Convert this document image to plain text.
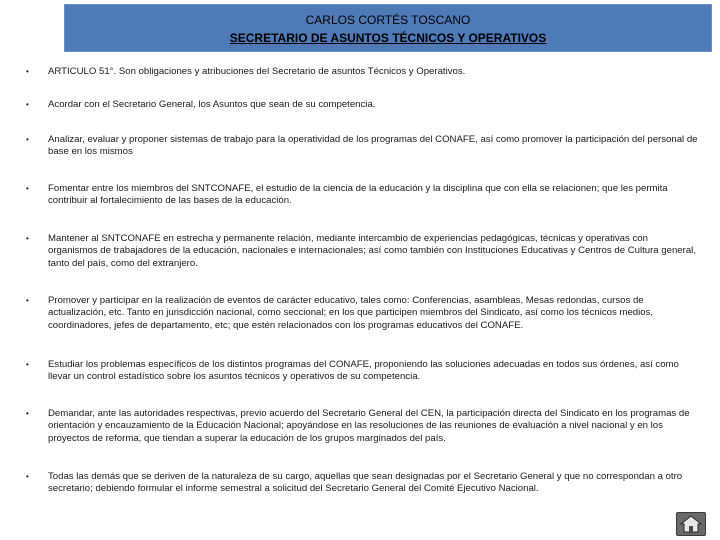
CARLOS CORTÉS TOSCANO
SECRETARIO DE ASUNTOS TÉCNICOS Y OPERATIVOS
•	ARTICULO 51°. Son obligaciones y atribuciones del Secretario de asuntos Técnicos y Operativos.
•	Acordar con el Secretario General, los Asuntos que sean de su competencia.
•	Analizar, evaluar y proponer sistemas de trabajo para la operatividad de los programas del CONAFE, así como promover la participación del personal de base en los mismos
•	Fomentar entre los miembros del SNTCONAFE, el estudio de la ciencia de la educación y la disciplina que con ella se relacionen; que les permita contribuir al fortalecimiento de las bases de la educación.
•	Mantener al SNTCONAFE en estrecha y permanente relación, mediante intercambio de experiencias pedagógicas, técnicas y operativas con organismos de trabajadores de la educación, nacionales e internacionales; así como también con Instituciones Educativas y Centros de Cultura general, tanto del país, como del extranjero.
•	Promover y participar en la realización de eventos de carácter educativo, tales como: Conferencias, asambleas, Mesas redondas, cursos de actualización, etc. Tanto en jurisdicción nacional, como seccional; en los que participen miembros del Sindicato, así como los técnicos medios, coordinadores, jefes de departamento, etc; que estén relacionados con los programas educativos del CONAFE.
•	Estudiar los problemas específicos de los distintos programas del CONAFE, proponiendo las soluciones adecuadas en todos sus órdenes, así como llevar un control estadístico sobre los asuntos técnicos y operativos de su competencia.
•	Demandar, ante las autoridades respectivas, previo acuerdo del Secretario General del CEN, la participación directa del Sindicato en los programas de orientación y encauzamiento de la Educación Nacional; apoyándose en las resoluciones de las reuniones de evaluación a nivel nacional y en los proyectos de reforma, que tiendan a superar la educación de los grupos marginados del país.
•	Todas las demás que se deriven de la naturaleza de su cargo, aquellas que sean designadas por el Secretario General y que no correspondan a otro secretario; debiendo formular el informe semestral a solicitud del Secretario General del Comité Ejecutivo Nacional.
